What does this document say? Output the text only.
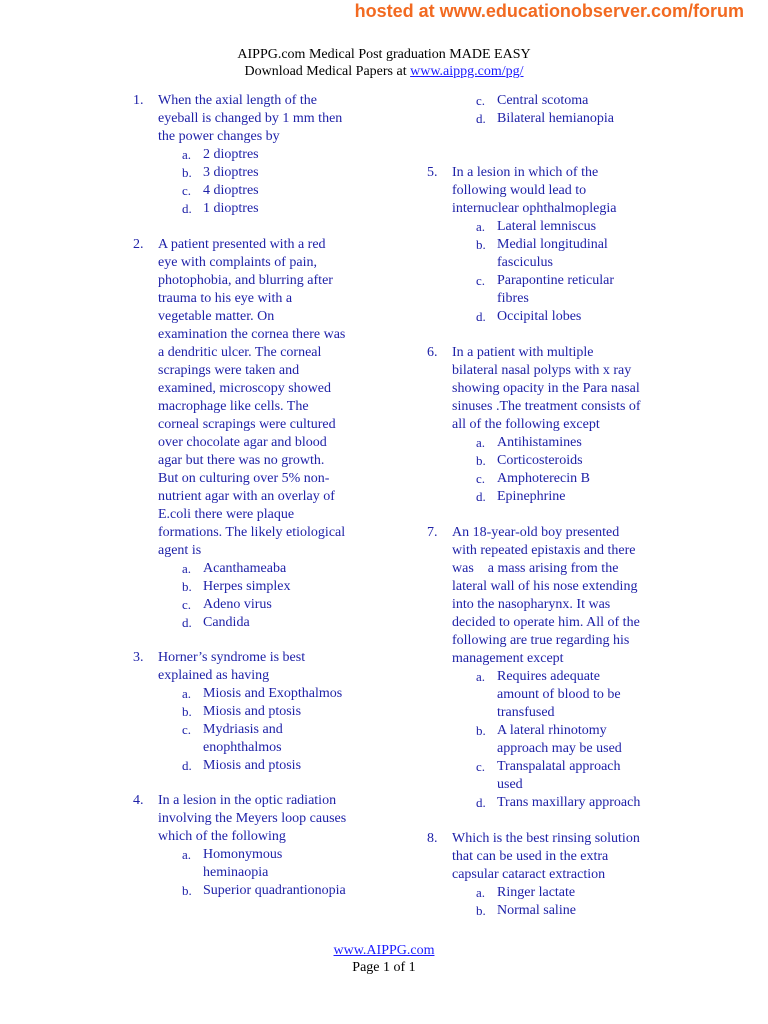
hosted at www.educationobserver.com/forum
AIPPG.com Medical Post graduation MADE EASY
Download Medical Papers at www.aippg.com/pg/
1. When the axial length of the
eyeball is changed by 1 mm then
the power changes by
a. 2 dioptres
b. 3 dioptres
c. 4 dioptres
d. 1 dioptres
2. A patient presented with a red
eye with complaints of pain,
photophobia, and blurring after
trauma to his eye with a
vegetable matter. On
examination the cornea there was
a dendritic ulcer. The corneal
scrapings were taken and
examined, microscopy showed
macrophage like cells. The
corneal scrapings were cultured
over chocolate agar and blood
agar but there was no growth.
But on culturing over 5% non-
nutrient agar with an overlay of
E.coli there were plaque
formations. The likely etiological
agent is
a. Acanthameaba
b. Herpes simplex
c. Adeno virus
d. Candida
3. Horner’s syndrome is best
explained as having
a. Miosis and Exopthalmos
b. Miosis and ptosis
c. Mydriasis and
enophthalmos
d. Miosis and ptosis
4. In a lesion in the optic radiation
involving the Meyers loop causes
which of the following
a. Homonymous
heminaopia
b. Superior quadrantionopia
c. Central scotoma
d. Bilateral hemianopia
5. In a lesion in which of the
following would lead to
internuclear ophthalmoplegia
a. Lateral lemniscus
b. Medial longitudinal
fasciculus
c. Parapontine reticular
fibres
d. Occipital lobes
6. In a patient with multiple
bilateral nasal polyps with x ray
showing opacity in the Para nasal
sinuses .The treatment consists of
all of the following except
a. Antihistamines
b. Corticosteroids
c. Amphoterecin B
d. Epinephrine
7. An 18-year-old boy presented
with repeated epistaxis and there
was    a mass arising from the
lateral wall of his nose extending
into the nasopharynx. It was
decided to operate him. All of the
following are true regarding his
management except
a. Requires adequate
amount of blood to be
transfused
b. A lateral rhinotomy
approach may be used
c. Transpalatal approach
used
d. Trans maxillary approach
8. Which is the best rinsing solution
that can be used in the extra
capsular cataract extraction
a. Ringer lactate
b. Normal saline
www.AIPPG.com
Page 1 of 1
